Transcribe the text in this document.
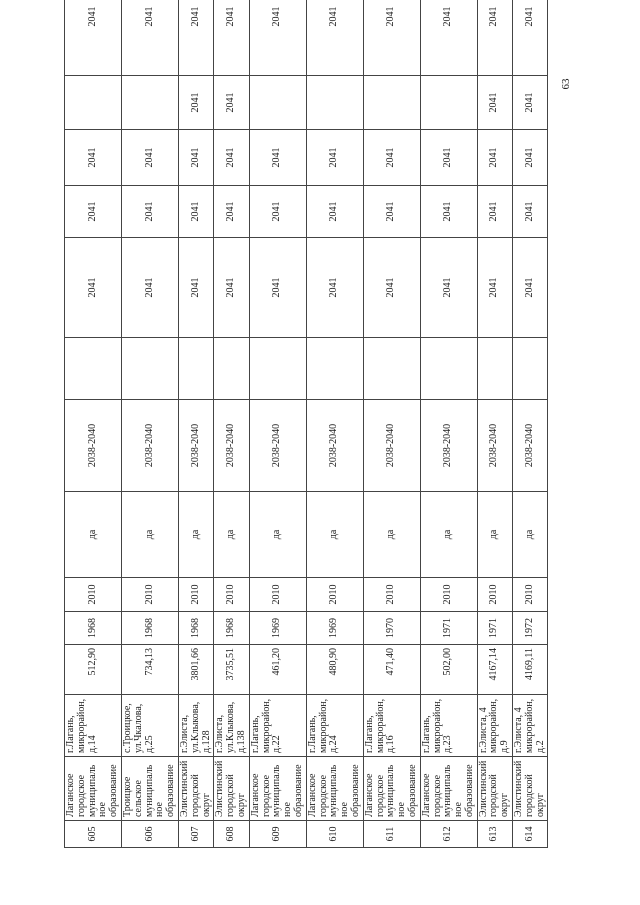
605	Лаганское городское муниципальное образование	г.Лагань, микрорайон, д.14	512,90	1968	2010	да	2038-2040		2041	2041	2041		2041
606	Троицкое сельское муниципальное образование	с.Троицкое, ул.Чкалова, д.25	734,13	1968	2010	да	2038-2040		2041	2041	2041		2041
607	Элистинский городской округ	г.Элиста, ул.Клыкова, д.128	3801,66	1968	2010	да	2038-2040		2041	2041	2041	2041	2041
608	Элистинский городской округ	г.Элиста, ул.Клыкова, д.138	3735,51	1968	2010	да	2038-2040		2041	2041	2041	2041	2041
609	Лаганское городское муниципальное образование	г.Лагань, микрорайон, д.22	461,20	1969	2010	да	2038-2040		2041	2041	2041		2041
610	Лаганское городское муниципальное образование	г.Лагань, микрорайон, д.24	480,90	1969	2010	да	2038-2040		2041	2041	2041		2041
611	Лаганское городское муниципальное образование	г.Лагань, микрорайон, д.16	471,40	1970	2010	да	2038-2040		2041	2041	2041		2041
612	Лаганское городское муниципальное образование	г.Лагань, микрорайон, д.23	502,00	1971	2010	да	2038-2040		2041	2041	2041		2041
613	Элистинский городской округ	г.Элиста, 4 микрорайон, д.9	4167,14	1971	2010	да	2038-2040		2041	2041	2041	2041	2041
614	Элистинский городской округ	г.Элиста, 4 микрорайон, д.2	4169,11	1972	2010	да	2038-2040		2041	2041	2041	2041	2041
63
